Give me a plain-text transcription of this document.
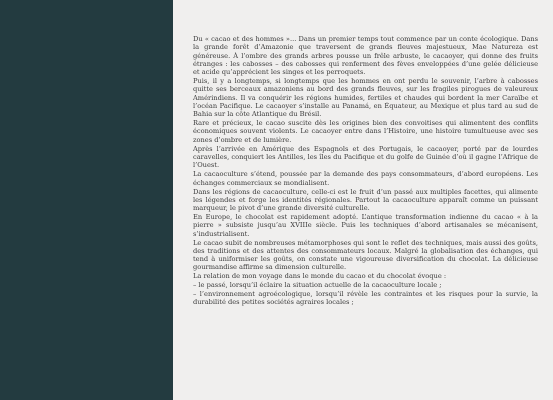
Du « cacao et des hommes »... Dans un premier temps tout commence par un conte écologique. Dans la grande forêt d’Amazonie que traversent de grands fleuves majestueux, Mae Natureza est généreuse. À l’ombre des grands arbres pousse un frêle arbuste, le cacaoyer, qui donne des fruits étranges : les cabosses – des cabosses qui renferment des fèves enveloppées d’une gelée délicieuse et acide qu’apprécient les singes et les perroquets.

Puis, il y a longtemps, si longtemps que les hommes en ont perdu le souvenir, l’arbre à cabosses quitte ses berceaux amazoniens au bord des grands fleuves, sur les fragiles pirogues de valeureux Amérindiens. Il va conquérir les régions humides, fertiles et chaudes qui bordent la mer Caraïbe et l’océan Pacifique. Le cacaoyer s’installe au Panamá, en Équateur, au Mexique et plus tard au sud de Bahia sur la côte Atlantique du Brésil.

Rare et précieux, le cacao suscite dès les origines bien des convoitises qui alimentent des conflits économiques souvent violents. Le cacaoyer entre dans l’Histoire, une histoire tumultueuse avec ses zones d’ombre et de lumière.

Après l’arrivée en Amérique des Espagnols et des Portugais, le cacaoyer, porté par de lourdes caravelles, conquiert les Antilles, les îles du Pacifique et du golfe de Guinée d’où il gagne l’Afrique de l’Ouest.

La cacaoculture s’étend, poussée par la demande des pays consommateurs, d’abord européens. Les échanges commerciaux se mondialisent.

Dans les régions de cacaoculture, celle-ci est le fruit d’un passé aux multiples facettes, qui alimente les légendes et forge les identités régionales. Partout la cacaoculture apparaît comme un puissant marqueur, le pivot d’une grande diversité culturelle.

En Europe, le chocolat est rapidement adopté. L’antique transformation indienne du cacao « à la pierre » subsiste jusqu’au XVIIIe siècle. Puis les techniques d’abord artisanales se mécanisent, s’industrialisent.

Le cacao subit de nombreuses métamorphoses qui sont le reflet des techniques, mais aussi des goûts, des traditions et des attentes des consommateurs locaux. Malgré la globalisation des échanges, qui tend à uniformiser les goûts, on constate une vigoureuse diversification du chocolat. La délicieuse gourmandise affirme sa dimension culturelle.

La relation de mon voyage dans le monde du cacao et du chocolat évoque :

– le passé, lorsqu’il éclaire la situation actuelle de la cacaoculture locale ;

– l’environnement agroécologique, lorsqu’il révèle les contraintes et les risques pour la survie, la durabilité des petites sociétés agraires locales ;
